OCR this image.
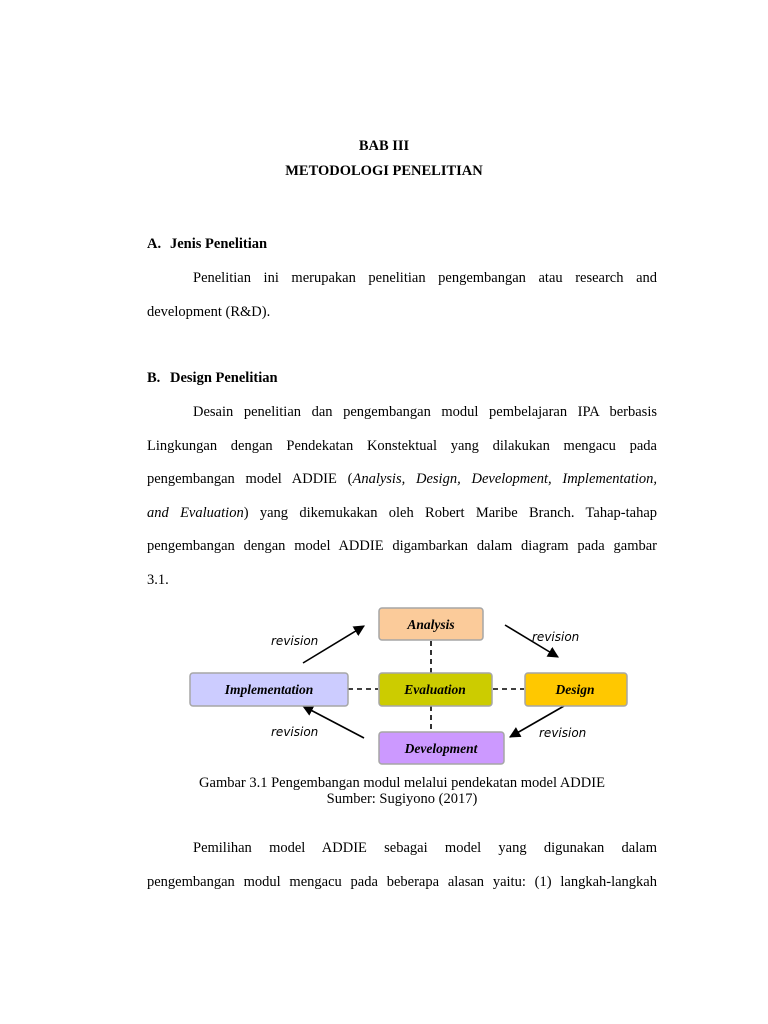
BAB III
METODOLOGI PENELITIAN
A. Jenis Penelitian
Penelitian ini merupakan penelitian pengembangan atau research and
development (R&D).
B. Design Penelitian
Desain penelitian dan pengembangan modul pembelajaran IPA berbasis
Lingkungan dengan Pendekatan Konstektual yang dilakukan mengacu pada
pengembangan model ADDIE (Analysis, Design, Development, Implementation,
and Evaluation) yang dikemukakan oleh Robert Maribe Branch. Tahap-tahap
pengembangan dengan model ADDIE digambarkan dalam diagram pada gambar
3.1.
Analysis
Implementation	Evaluation	Design
Development
revision	revision
revision	revision
Gambar 3.1 Pengembangan modul melalui pendekatan model ADDIE
Sumber: Sugiyono (2017)
Pemilihan model ADDIE sebagai model yang digunakan dalam
pengembangan modul mengacu pada beberapa alasan yaitu: (1) langkah-langkah
